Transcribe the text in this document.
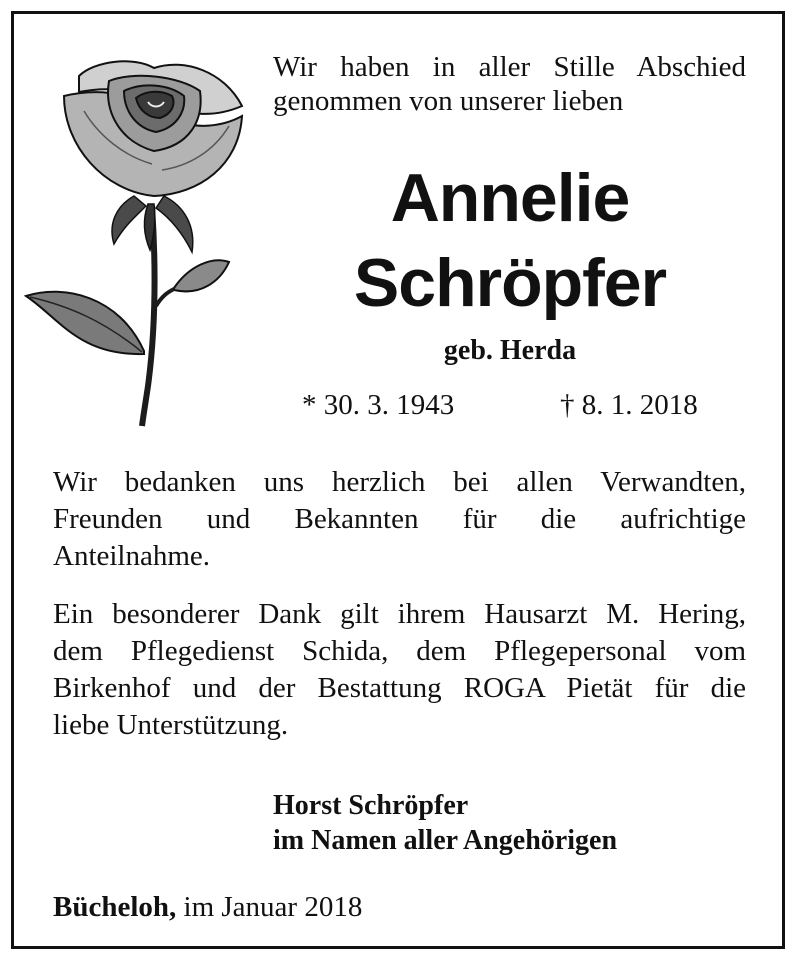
Wir haben in aller Stille Abschied
genommen von unserer lieben
Annelie
Schröpfer
geb. Herda
* 30. 3. 1943	† 8. 1. 2018
Wir bedanken uns herzlich bei allen Verwandten,
Freunden und Bekannten für die aufrichtige
Anteilnahme.
Ein besonderer Dank gilt ihrem Hausarzt M. Hering,
dem Pflegedienst Schida, dem Pflegepersonal vom
Birkenhof und der Bestattung ROGA Pietät für die
liebe Unterstützung.
Horst Schröpfer
im Namen aller Angehörigen
Bücheloh, im Januar 2018
